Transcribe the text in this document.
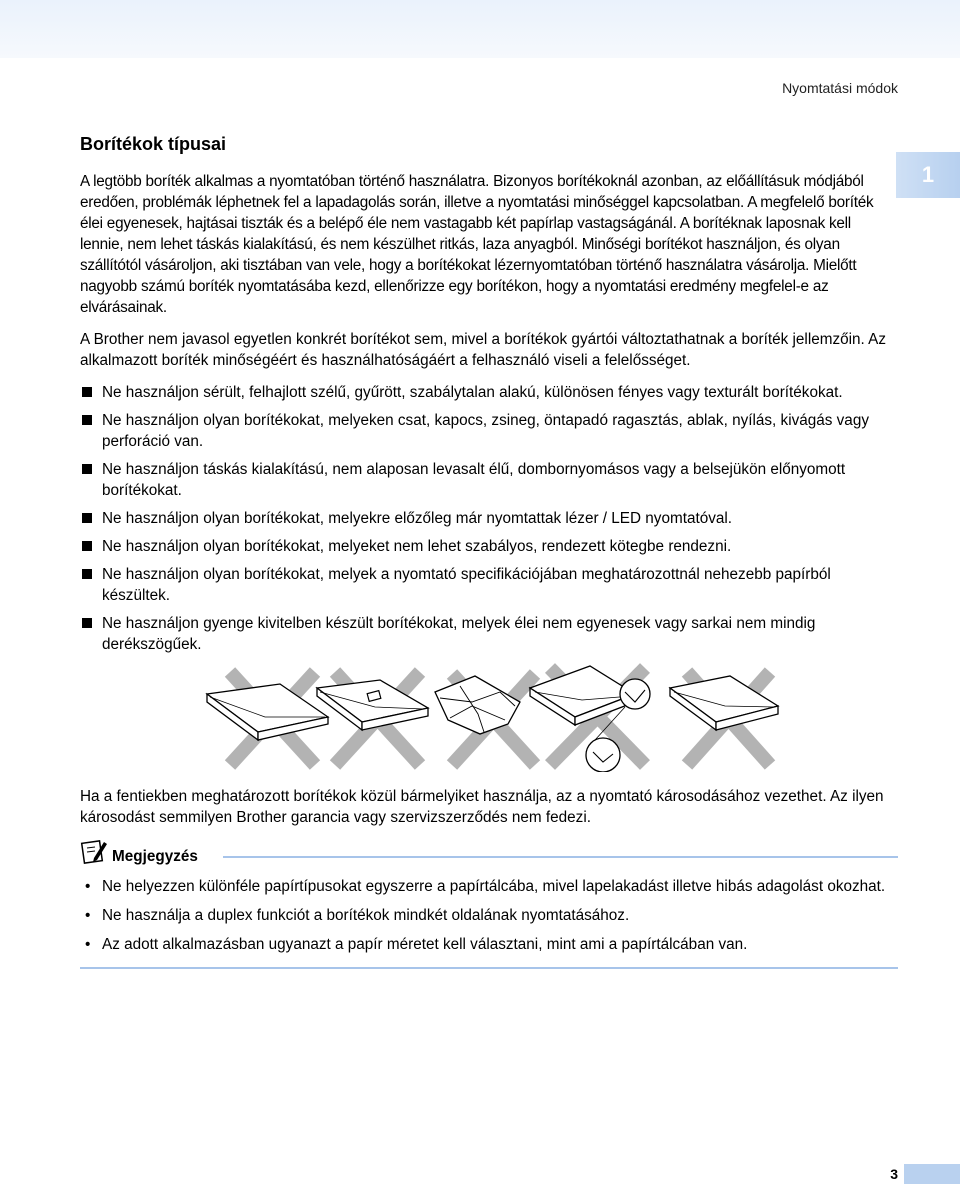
Nyomtatási módok
1
Borítékok típusai

A legtöbb boríték alkalmas a nyomtatóban történő használatra. Bizonyos borítékoknál azonban, az előállításuk módjából eredően, problémák léphetnek fel a lapadagolás során, illetve a nyomtatási minőséggel kapcsolatban. A megfelelő boríték élei egyenesek, hajtásai tiszták és a belépő éle nem vastagabb két papírlap vastagságánál. A borítéknak laposnak kell lennie, nem lehet táskás kialakítású, és nem készülhet ritkás, laza anyagból. Minőségi borítékot használjon, és olyan szállítótól vásároljon, aki tisztában van vele, hogy a borítékokat lézernyomtatóban történő használatra vásárolja. Mielőtt nagyobb számú boríték nyomtatásába kezd, ellenőrizze egy borítékon, hogy a nyomtatási eredmény megfelel-e az elvárásainak.

A Brother nem javasol egyetlen konkrét borítékot sem, mivel a borítékok gyártói változtathatnak a boríték jellemzőin. Az alkalmazott boríték minőségéért és használhatóságáért a felhasználó viseli a felelősséget.

Ne használjon sérült, felhajlott szélű, gyűrött, szabálytalan alakú, különösen fényes vagy texturált borítékokat.
Ne használjon olyan borítékokat, melyeken csat, kapocs, zsineg, öntapadó ragasztás, ablak, nyílás, kivágás vagy perforáció van.
Ne használjon táskás kialakítású, nem alaposan levasalt élű, dombornyomásos vagy a belsejükön előnyomott borítékokat.
Ne használjon olyan borítékokat, melyekre előzőleg már nyomtattak lézer / LED nyomtatóval.
Ne használjon olyan borítékokat, melyeket nem lehet szabályos, rendezett kötegbe rendezni.
Ne használjon olyan borítékokat, melyek a nyomtató specifikációjában meghatározottnál nehezebb papírból készültek.
Ne használjon gyenge kivitelben készült borítékokat, melyek élei nem egyenesek vagy sarkai nem mindig derékszögűek.

Ha a fentiekben meghatározott borítékok közül bármelyiket használja, az a nyomtató károsodásához vezethet. Az ilyen károsodást semmilyen Brother garancia vagy szervizszerződés nem fedezi.

Megjegyzés
• Ne helyezzen különféle papírtípusokat egyszerre a papírtálcába, mivel lapelakadást illetve hibás adagolást okozhat.
• Ne használja a duplex funkciót a borítékok mindkét oldalának nyomtatásához.
• Az adott alkalmazásban ugyanazt a papír méretet kell választani, mint ami a papírtálcában van.
3
